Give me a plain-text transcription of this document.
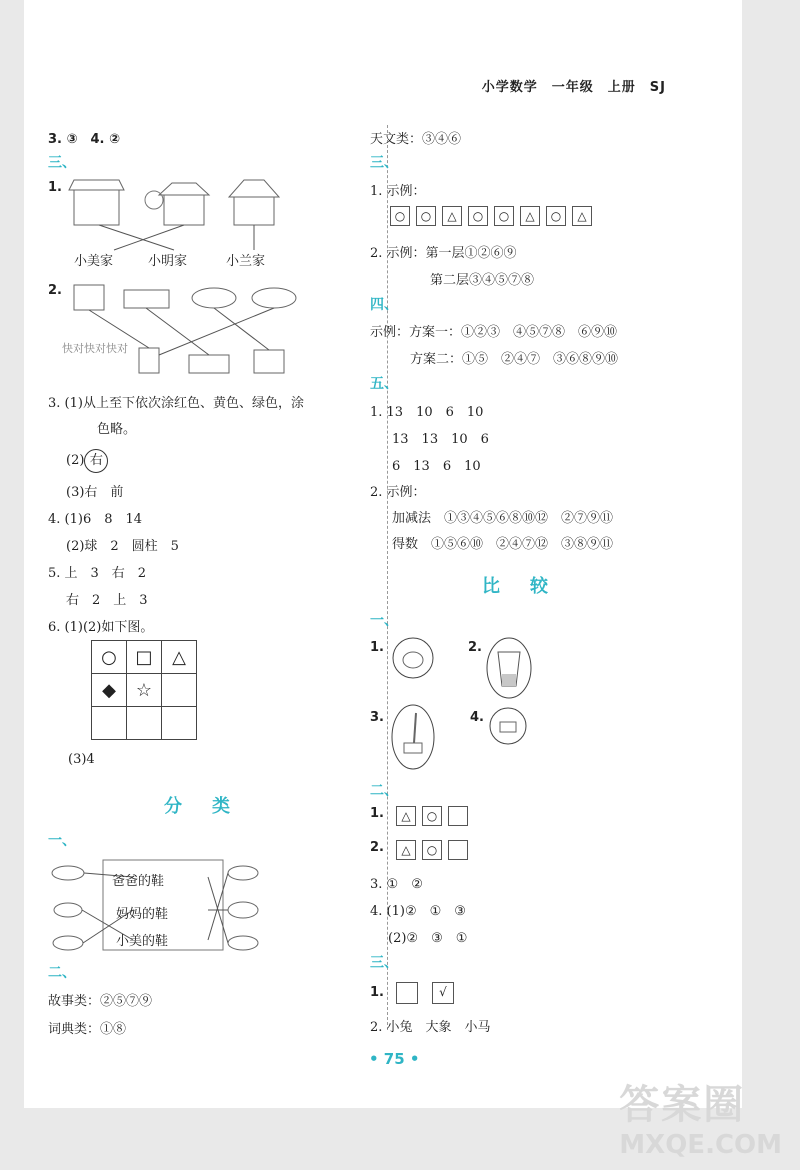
小学数学　一年级　上册　SJ
3. ③　4. ②
三、
1.
小美家	小明家	小兰家
2.
快对快对快对
3. (1)从上至下依次涂红色、黄色、绿色，涂
色略。
(2) 右
(3)右　前
4. (1)6　8　14
(2)球　2　圆柱　5
5. 上　3　右　2
右　2　上　3
6. (1)(2)如下图。
○	□	△
◆	☆	

(3)4
分类
一、
爸爸的鞋
妈妈的鞋
小美的鞋
二、
故事类：②⑤⑦⑨
词典类：①⑧
天文类：③④⑥
三、
1. 示例：
○ ○ △ ○ ○ △ ○ △
2. 示例：第一层①②⑥⑨
第二层③④⑤⑦⑧
四、
示例：方案一：①②③　④⑤⑦⑧　⑥⑨⑩
方案二：①⑤　②④⑦　③⑥⑧⑨⑩
五、
1. 13　10　6　10
13　13　10　6
6　13　6　10
2. 示例：
加减法　①③④⑤⑥⑧⑩⑫　②⑦⑨⑪
得数　①⑤⑥⑩　②④⑦⑫　③⑧⑨⑪
比较
一、
1.	2.
3.	4.
二、
1.	△ ○
2.	△ ○
3. ①　②
4. (1)②　①　③
(2)②　③　①
三、
1.	√
2. 小兔　大象　小马
• 75 •
答案圈
MXQE.COM
